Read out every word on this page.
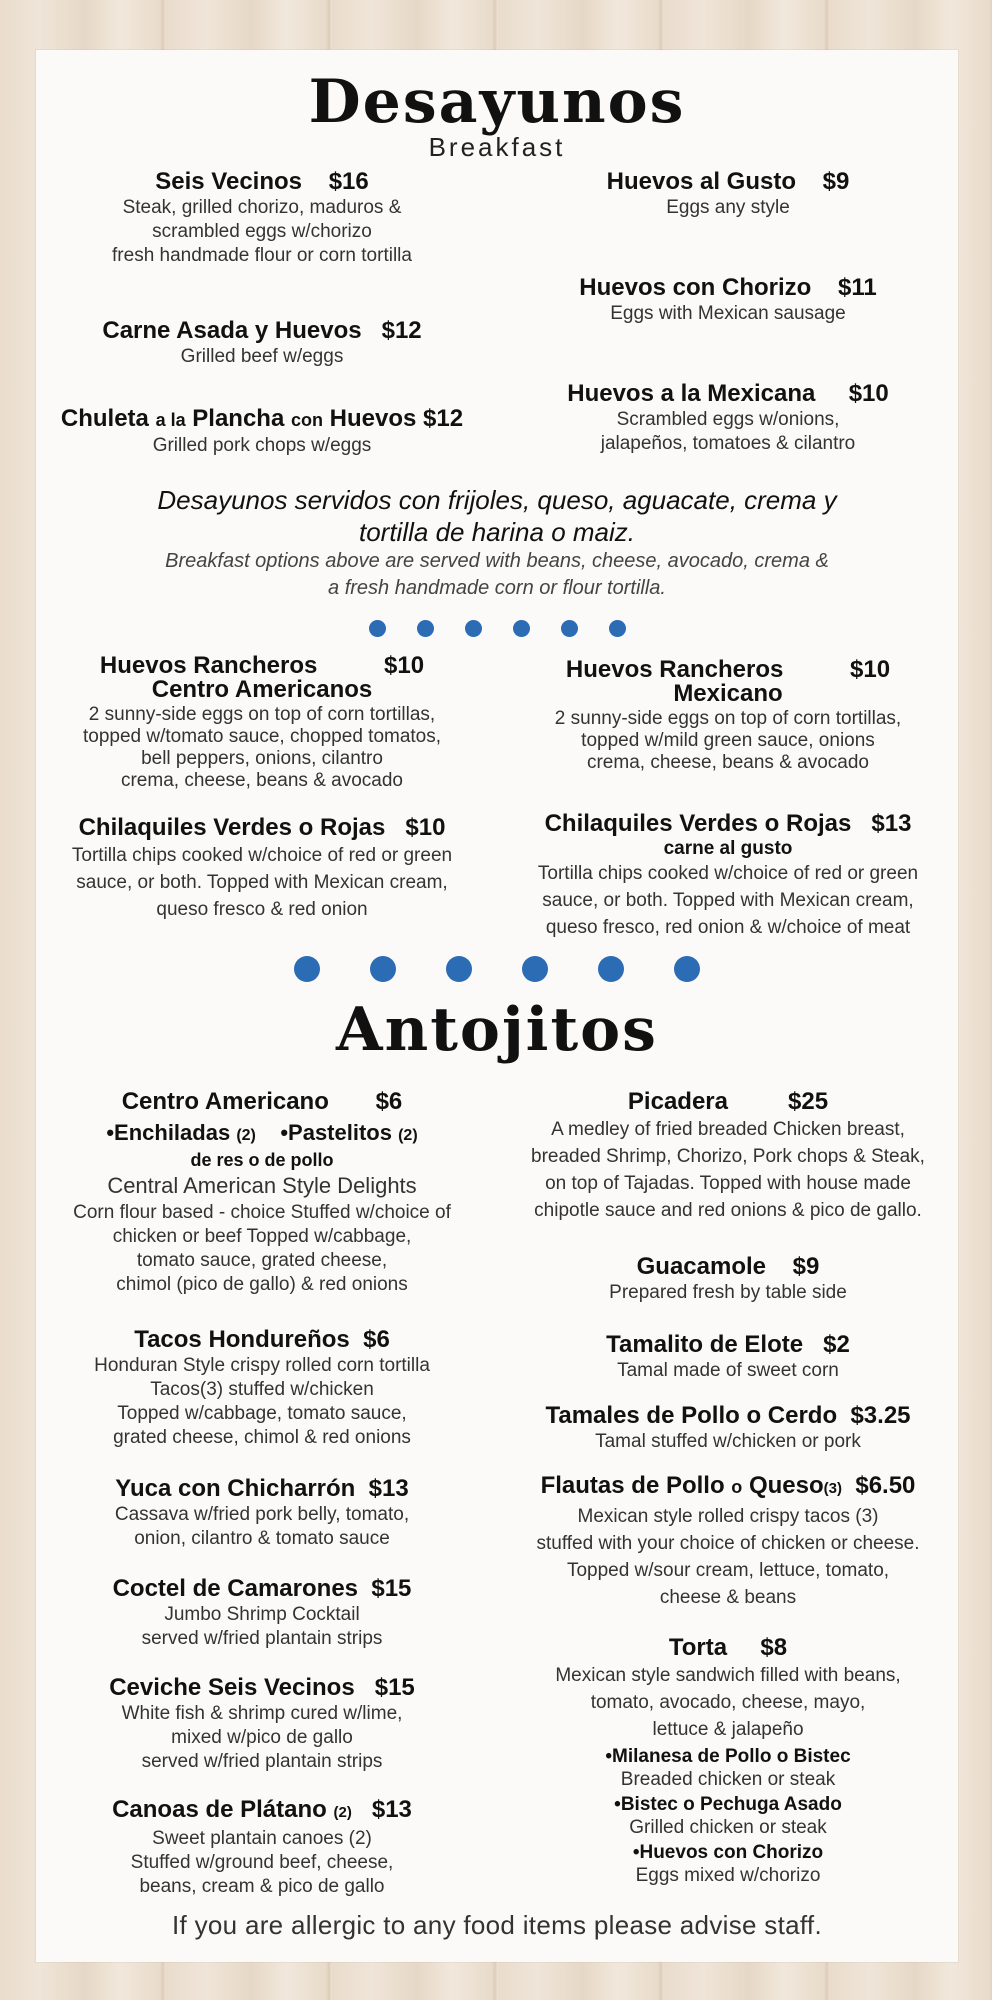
Desayunos
Breakfast
Seis Vecinos $16
Steak, grilled chorizo, maduros &
scrambled eggs w/chorizo
fresh handmade flour or corn tortilla
Carne Asada y Huevos $12
Grilled beef w/eggs
Chuleta a la Plancha con Huevos $12
Grilled pork chops w/eggs
Huevos al Gusto $9
Eggs any style
Huevos con Chorizo $11
Eggs with Mexican sausage
Huevos a la Mexicana $10
Scrambled eggs w/onions,
jalapeños, tomatoes & cilantro
Desayunos servidos con frijoles, queso, aguacate, crema y
tortilla de harina o maiz.
Breakfast options above are served with beans, cheese, avocado, crema &
a fresh handmade corn or flour tortilla.
Huevos Rancheros	$10
Centro Americanos
2 sunny-side eggs on top of corn tortillas,
topped w/tomato sauce, chopped tomatos,
bell peppers, onions, cilantro
crema, cheese, beans & avocado
Chilaquiles Verdes o Rojas $10
Tortilla chips cooked w/choice of red or green
sauce, or both. Topped with Mexican cream,
queso fresco & red onion
Huevos Rancheros	$10
Mexicano
2 sunny-side eggs on top of corn tortillas,
topped w/mild green sauce, onions
crema, cheese, beans & avocado
Chilaquiles Verdes o Rojas $13
carne al gusto
Tortilla chips cooked w/choice of red or green
sauce, or both. Topped with Mexican cream,
queso fresco, red onion & w/choice of meat
Antojitos
Centro Americano $6
•Enchiladas (2)    •Pastelitos (2)
de res o de pollo
Central American Style Delights
Corn flour based - choice Stuffed w/choice of
chicken or beef Topped w/cabbage,
tomato sauce, grated cheese,
chimol (pico de gallo) & red onions
Tacos Hondureños $6
Honduran Style crispy rolled corn tortilla
Tacos(3) stuffed w/chicken
Topped w/cabbage, tomato sauce,
grated cheese, chimol & red onions
Yuca con Chicharrón $13
Cassava w/fried pork belly, tomato,
onion, cilantro & tomato sauce
Coctel de Camarones $15
Jumbo Shrimp Cocktail
served w/fried plantain strips
Ceviche Seis Vecinos $15
White fish & shrimp cured w/lime,
mixed w/pico de gallo
served w/fried plantain strips
Canoas de Plátano (2) $13
Sweet plantain canoes (2)
Stuffed w/ground beef, cheese,
beans, cream & pico de gallo
Picadera	$25
A medley of fried breaded Chicken breast,
breaded Shrimp, Chorizo, Pork chops & Steak,
on top of Tajadas. Topped with house made
chipotle sauce and red onions & pico de gallo.
Guacamole $9
Prepared fresh by table side
Tamalito de Elote $2
Tamal made of sweet corn
Tamales de Pollo o Cerdo $3.25
Tamal stuffed w/chicken or pork
Flautas de Pollo o Queso(3) $6.50
Mexican style rolled crispy tacos (3)
stuffed with your choice of chicken or cheese.
Topped w/sour cream, lettuce, tomato,
cheese & beans
Torta $8
Mexican style sandwich filled with beans,
tomato, avocado, cheese, mayo,
lettuce & jalapeño
•Milanesa de Pollo o Bistec
Breaded chicken or steak
•Bistec o Pechuga Asado
Grilled chicken or steak
•Huevos con Chorizo
Eggs mixed w/chorizo
If you are allergic to any food items please advise staff.
